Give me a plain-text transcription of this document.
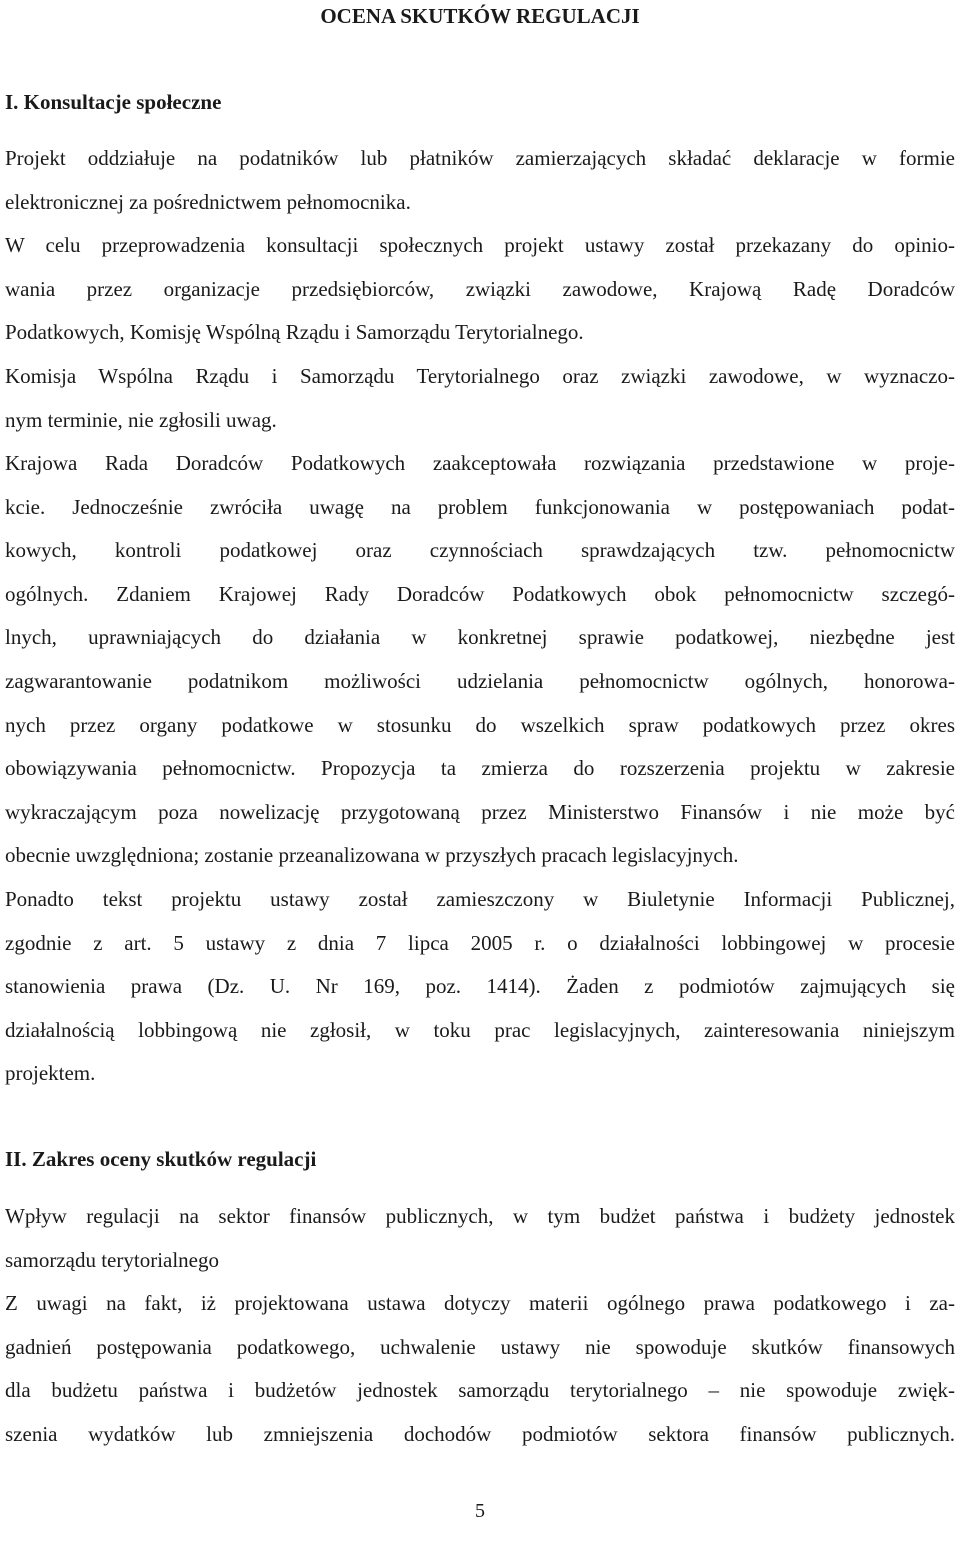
OCENA SKUTKÓW REGULACJI
I. Konsultacje społeczne

Projekt oddziałuje na podatników lub płatników zamierzających składać deklaracje w formie
elektronicznej za pośrednictwem pełnomocnika.

W celu przeprowadzenia konsultacji społecznych projekt ustawy został przekazany do opinio-
wania przez organizacje przedsiębiorców, związki zawodowe, Krajową Radę Doradców
Podatkowych, Komisję Wspólną Rządu i Samorządu Terytorialnego.

Komisja Wspólna Rządu i Samorządu Terytorialnego oraz związki zawodowe, w wyznaczo-
nym terminie, nie zgłosili uwag.

Krajowa Rada Doradców Podatkowych zaakceptowała rozwiązania przedstawione w proje-
kcie. Jednocześnie zwróciła uwagę na problem funkcjonowania w postępowaniach podat-
kowych, kontroli podatkowej oraz czynnościach sprawdzających tzw. pełnomocnictw
ogólnych. Zdaniem Krajowej Rady Doradców Podatkowych obok pełnomocnictw szczegó-
lnych, uprawniających do działania w konkretnej sprawie podatkowej, niezbędne jest
zagwarantowanie podatnikom możliwości udzielania pełnomocnictw ogólnych, honorowa-
nych przez organy podatkowe w stosunku do wszelkich spraw podatkowych przez okres
obowiązywania pełnomocnictw. Propozycja ta zmierza do rozszerzenia projektu w zakresie
wykraczającym poza nowelizację przygotowaną przez Ministerstwo Finansów i nie może być
obecnie uwzględniona; zostanie przeanalizowana w przyszłych pracach legislacyjnych.

Ponadto tekst projektu ustawy został zamieszczony w Biuletynie Informacji Publicznej,
zgodnie z art. 5 ustawy z dnia 7 lipca 2005 r. o działalności lobbingowej w procesie
stanowienia prawa (Dz. U. Nr 169, poz. 1414). Żaden z podmiotów zajmujących się
działalnością lobbingową nie zgłosił, w toku prac legislacyjnych, zainteresowania niniejszym
projektem.

II. Zakres oceny skutków regulacji

Wpływ regulacji na sektor finansów publicznych, w tym budżet państwa i budżety jednostek
samorządu terytorialnego

Z uwagi na fakt, iż projektowana ustawa dotyczy materii ogólnego prawa podatkowego i za-
gadnień postępowania podatkowego, uchwalenie ustawy nie spowoduje skutków finansowych
dla budżetu państwa i budżetów jednostek samorządu terytorialnego – nie spowoduje zwięk-
szenia wydatków lub zmniejszenia dochodów podmiotów sektora finansów publicznych.

5
